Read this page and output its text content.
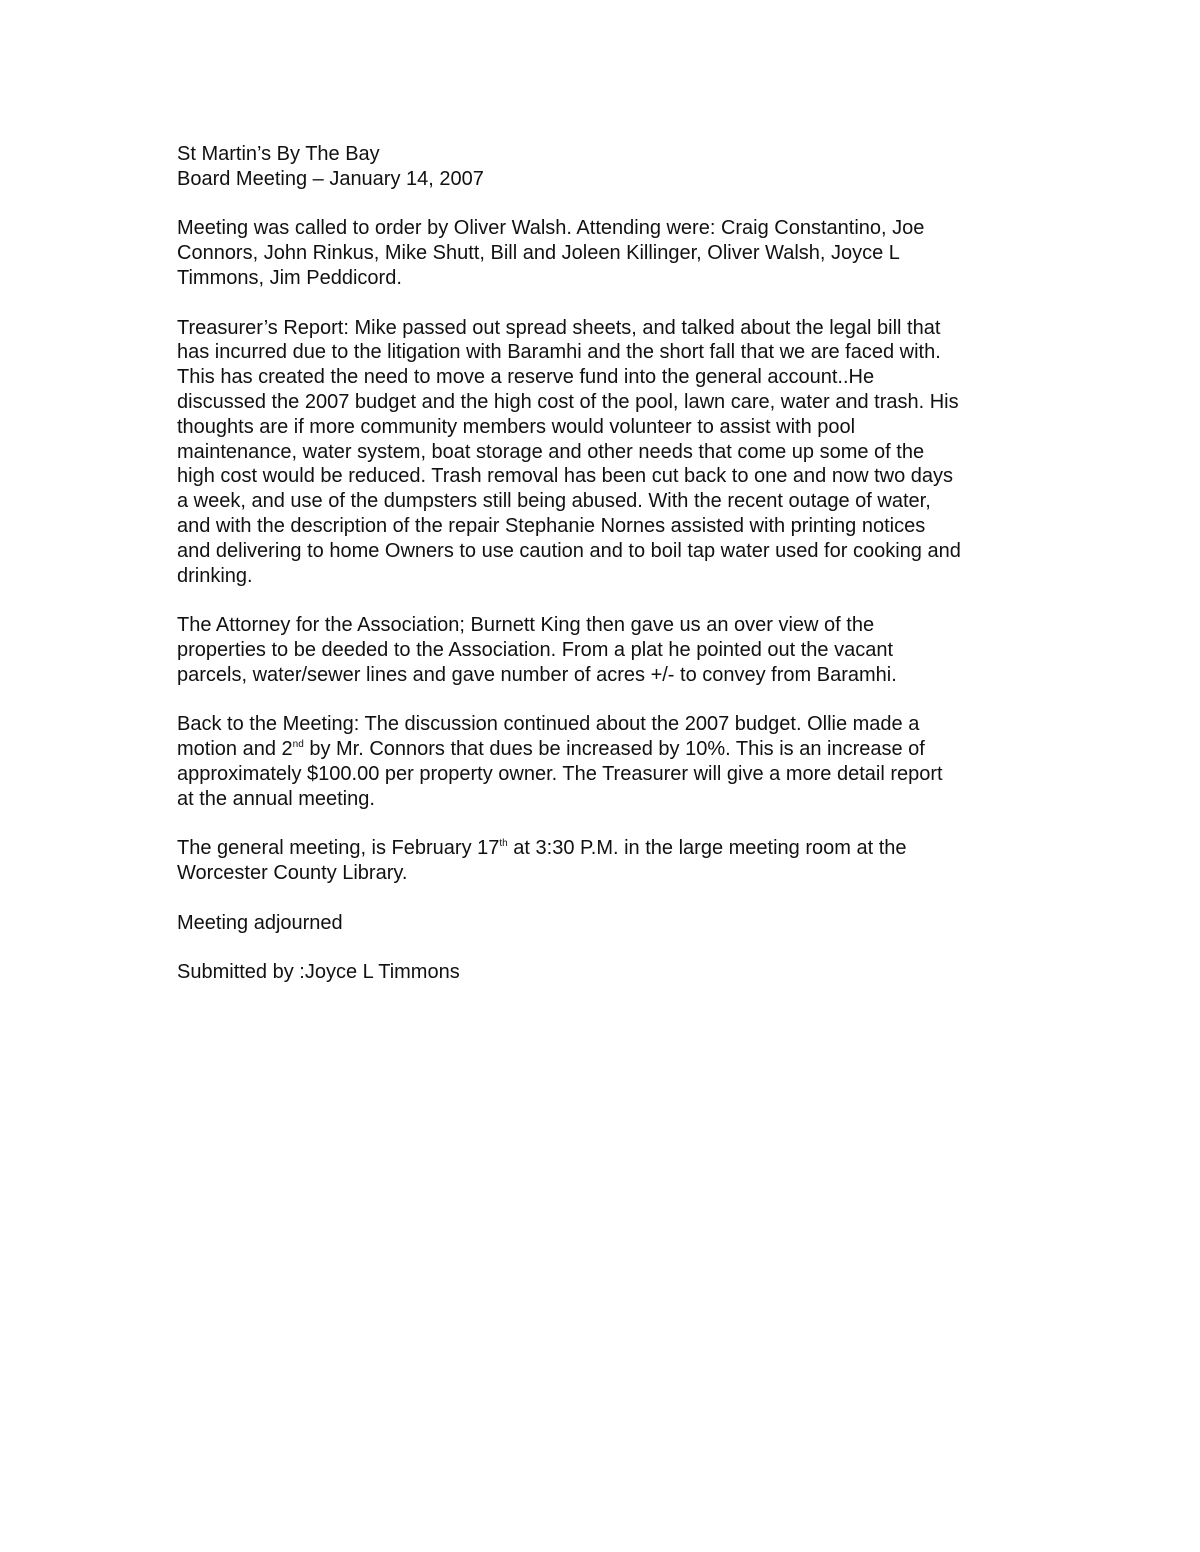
St Martin’s By The Bay
Board Meeting – January 14, 2007
Meeting was called to order by Oliver Walsh. Attending were: Craig Constantino, Joe
Connors, John Rinkus, Mike Shutt, Bill and Joleen Killinger, Oliver Walsh, Joyce L
Timmons, Jim Peddicord.
Treasurer’s Report: Mike passed out spread sheets, and talked about the legal bill that
has incurred due to the litigation with Baramhi and the short fall that we are faced with.
This has created the need to move a reserve fund into the general account..He
discussed the 2007 budget and the high cost of the pool, lawn care, water and trash. His
thoughts are if more community members would volunteer to assist with pool
maintenance, water system, boat storage and other needs that come up some of the
high cost would be reduced. Trash removal has been cut back to one and now two days
a week, and use of the dumpsters still being abused. With the recent outage of water,
and with the description of the repair Stephanie Nornes assisted with printing notices
and delivering to home Owners to use caution and to boil tap water used for cooking and
drinking.
The Attorney for the Association; Burnett King then gave us an over view of the
properties to be deeded to the Association. From a plat he pointed out the vacant
parcels, water/sewer lines and gave number of acres +/- to convey from Baramhi.
Back to the Meeting: The discussion continued about the 2007 budget. Ollie made a
motion and 2nd by Mr. Connors that dues be increased by 10%. This is an increase of
approximately $100.00 per property owner. The Treasurer will give a more detail report
at the annual meeting.
The general meeting, is February 17th at 3:30 P.M. in the large meeting room at the
Worcester County Library.
Meeting adjourned
Submitted by :Joyce L Timmons
